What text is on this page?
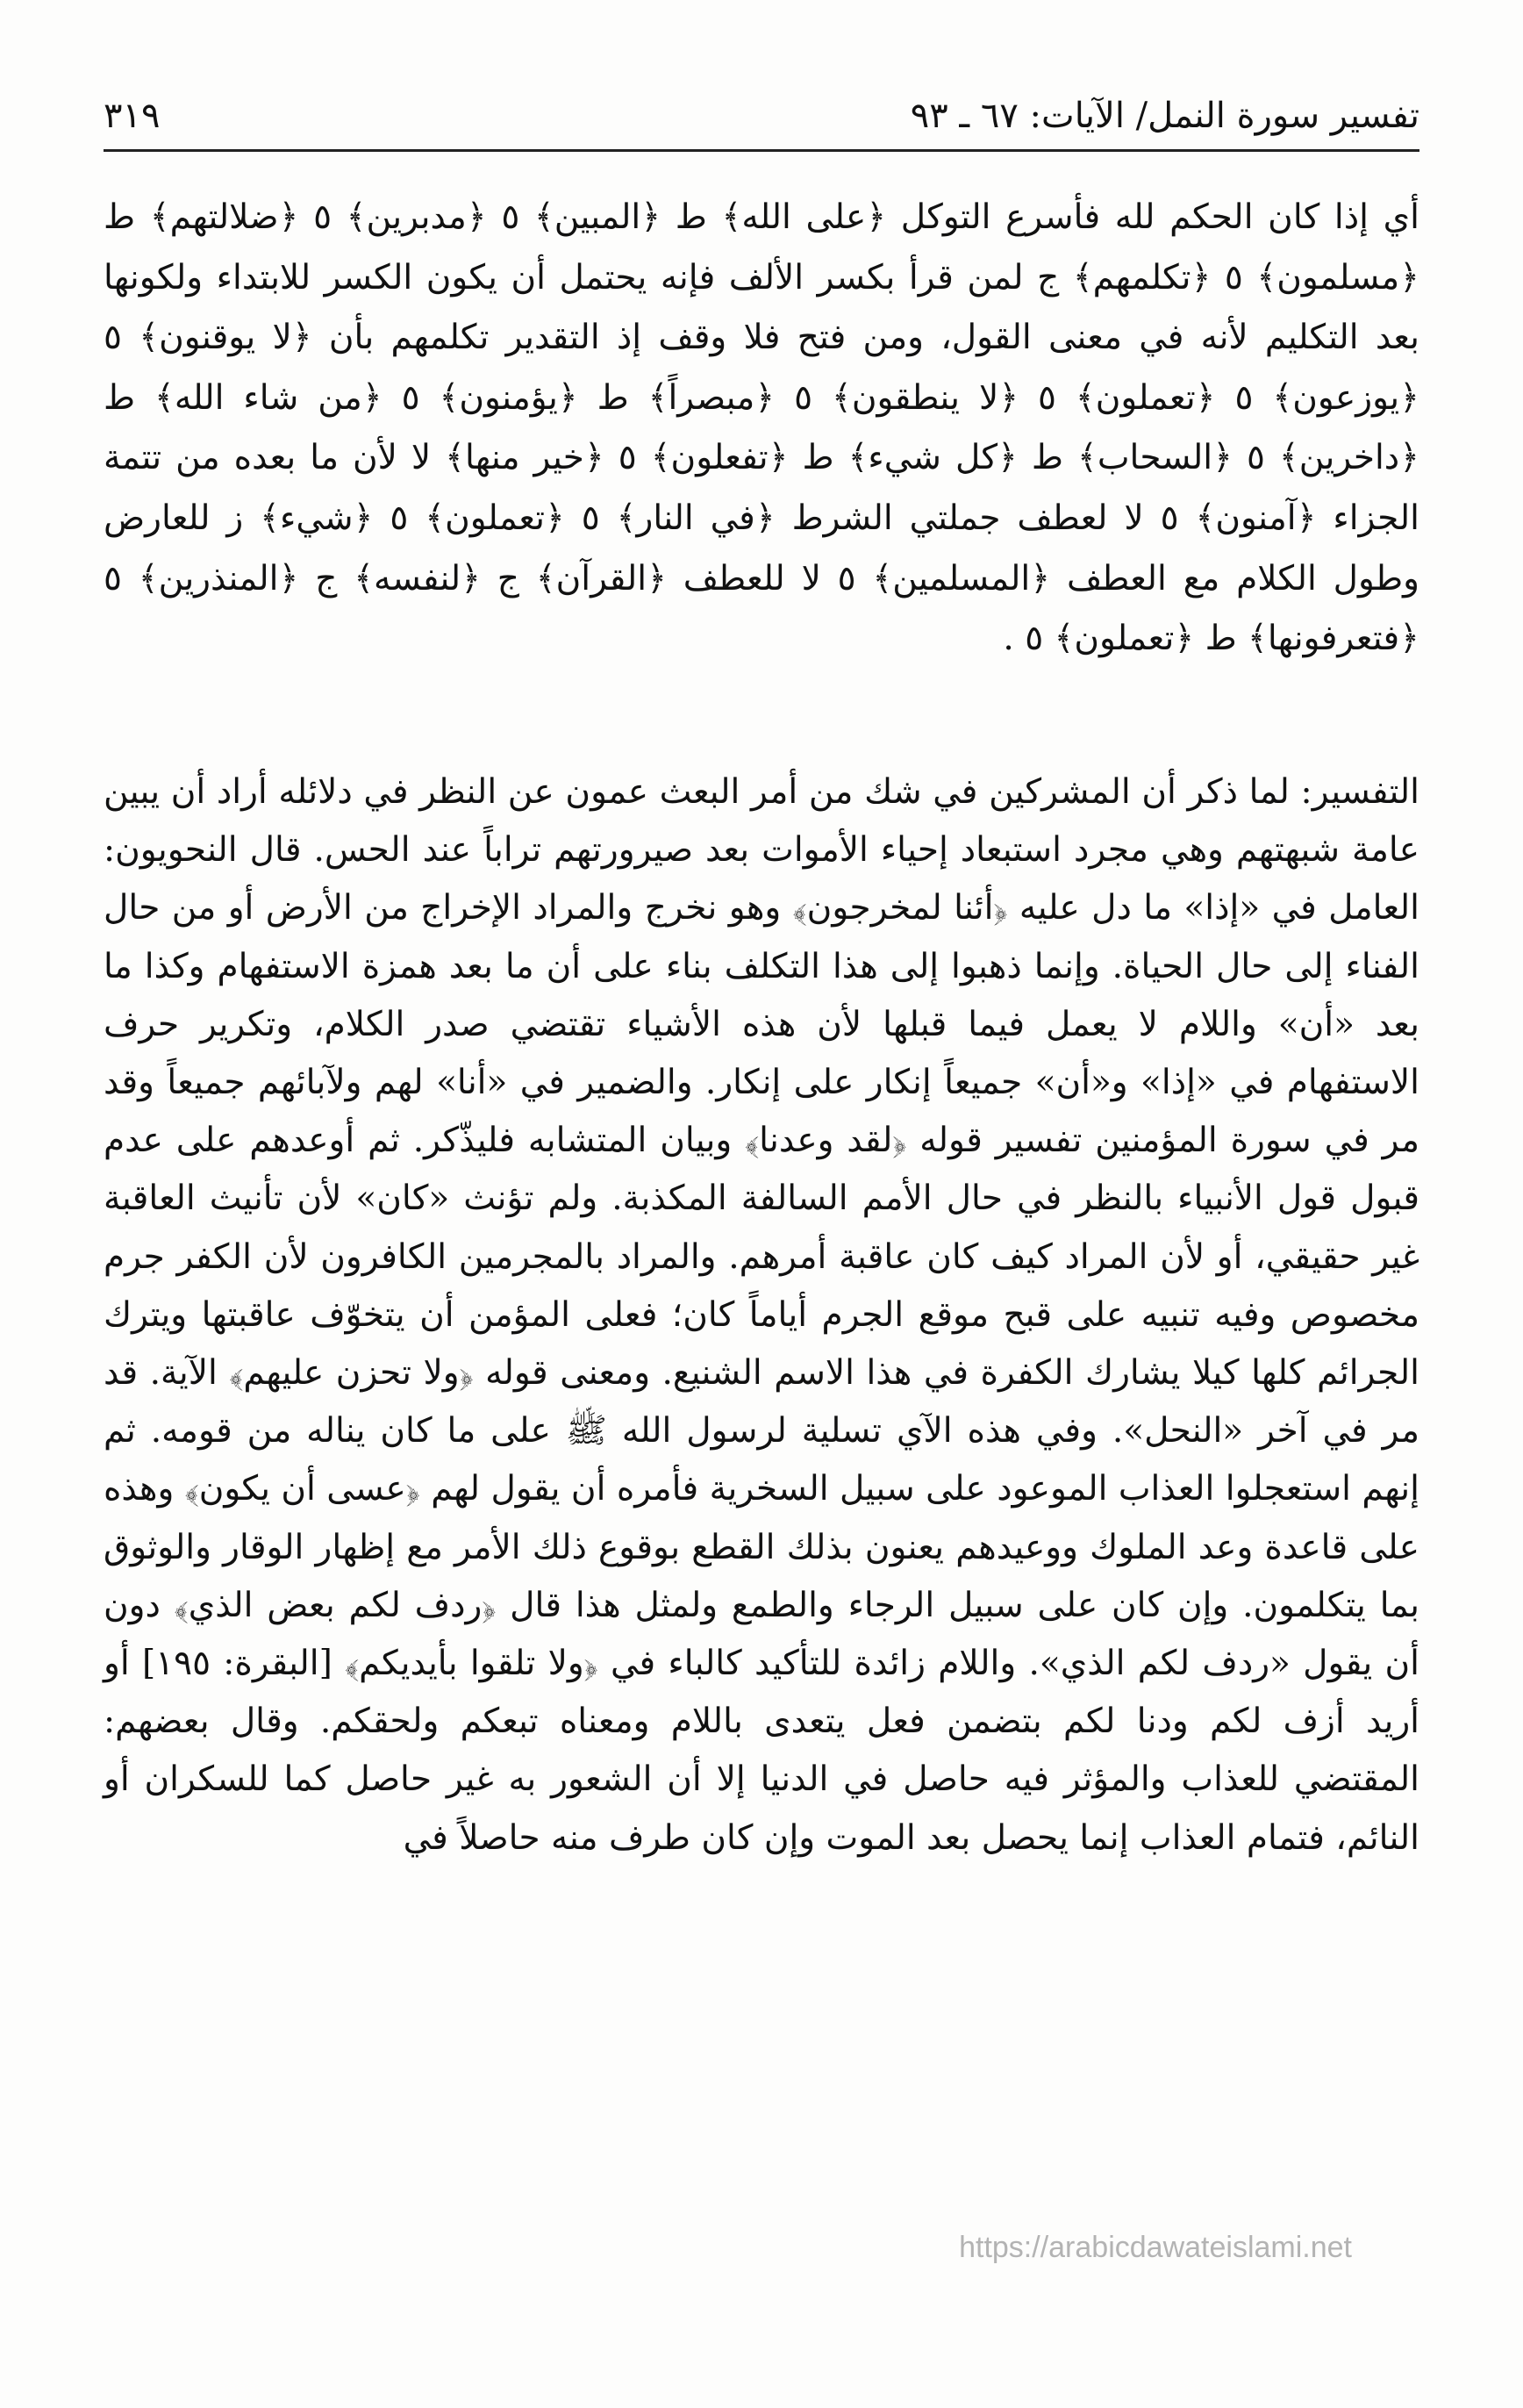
تفسير سورة النمل/ الآيات: ٦٧ ـ ٩٣
٣١٩

أي إذا كان الحكم لله فأسرع التوكل ﴿على الله﴾ ط ﴿المبين﴾ ٥ ﴿مدبرين﴾ ٥ ﴿ضلالتهم﴾ ط ﴿مسلمون﴾ ٥ ﴿تكلمهم﴾ ج لمن قرأ بكسر الألف فإنه يحتمل أن يكون الكسر للابتداء ولكونها بعد التكليم لأنه في معنى القول، ومن فتح فلا وقف إذ التقدير تكلمهم بأن ﴿لا يوقنون﴾ ٥ ﴿يوزعون﴾ ٥ ﴿تعملون﴾ ٥ ﴿لا ينطقون﴾ ٥ ﴿مبصراً﴾ ط ﴿يؤمنون﴾ ٥ ﴿من شاء الله﴾ ط ﴿داخرين﴾ ٥ ﴿السحاب﴾ ط ﴿كل شيء﴾ ط ﴿تفعلون﴾ ٥ ﴿خير منها﴾ لا لأن ما بعده من تتمة الجزاء ﴿آمنون﴾ ٥ لا لعطف جملتي الشرط ﴿في النار﴾ ٥ ﴿تعملون﴾ ٥ ﴿شيء﴾ ز للعارض وطول الكلام مع العطف ﴿المسلمين﴾ ٥ لا للعطف ﴿القرآن﴾ ج ﴿لنفسه﴾ ج ﴿المنذرين﴾ ٥ ﴿فتعرفونها﴾ ط ﴿تعملون﴾ ٥ .

التفسير: لما ذكر أن المشركين في شك من أمر البعث عمون عن النظر في دلائله أراد أن يبين عامة شبهتهم وهي مجرد استبعاد إحياء الأموات بعد صيرورتهم تراباً عند الحس. قال النحويون: العامل في «إذا» ما دل عليه ﴿أئنا لمخرجون﴾ وهو نخرج والمراد الإخراج من الأرض أو من حال الفناء إلى حال الحياة. وإنما ذهبوا إلى هذا التكلف بناء على أن ما بعد همزة الاستفهام وكذا ما بعد «أن» واللام لا يعمل فيما قبلها لأن هذه الأشياء تقتضي صدر الكلام، وتكرير حرف الاستفهام في «إذا» و«أن» جميعاً إنكار على إنكار. والضمير في «أنا» لهم ولآبائهم جميعاً وقد مر في سورة المؤمنين تفسير قوله ﴿لقد وعدنا﴾ وبيان المتشابه فليذّكر. ثم أوعدهم على عدم قبول قول الأنبياء بالنظر في حال الأمم السالفة المكذبة. ولم تؤنث «كان» لأن تأنيث العاقبة غير حقيقي، أو لأن المراد كيف كان عاقبة أمرهم. والمراد بالمجرمين الكافرون لأن الكفر جرم مخصوص وفيه تنبيه على قبح موقع الجرم أياماً كان؛ فعلى المؤمن أن يتخوّف عاقبتها ويترك الجرائم كلها كيلا يشارك الكفرة في هذا الاسم الشنيع. ومعنى قوله ﴿ولا تحزن عليهم﴾ الآية. قد مر في آخر «النحل». وفي هذه الآي تسلية لرسول الله ﷺ على ما كان يناله من قومه. ثم إنهم استعجلوا العذاب الموعود على سبيل السخرية فأمره أن يقول لهم ﴿عسى أن يكون﴾ وهذه على قاعدة وعد الملوك ووعيدهم يعنون بذلك القطع بوقوع ذلك الأمر مع إظهار الوقار والوثوق بما يتكلمون. وإن كان على سبيل الرجاء والطمع ولمثل هذا قال ﴿ردف لكم بعض الذي﴾ دون أن يقول «ردف لكم الذي». واللام زائدة للتأكيد كالباء في ﴿ولا تلقوا بأيديكم﴾ [البقرة: ١٩٥] أو أريد أزف لكم ودنا لكم بتضمن فعل يتعدى باللام ومعناه تبعكم ولحقكم. وقال بعضهم: المقتضي للعذاب والمؤثر فيه حاصل في الدنيا إلا أن الشعور به غير حاصل كما للسكران أو النائم، فتمام العذاب إنما يحصل بعد الموت وإن كان طرف منه حاصلاً في

https://arabicdawateislami.net
